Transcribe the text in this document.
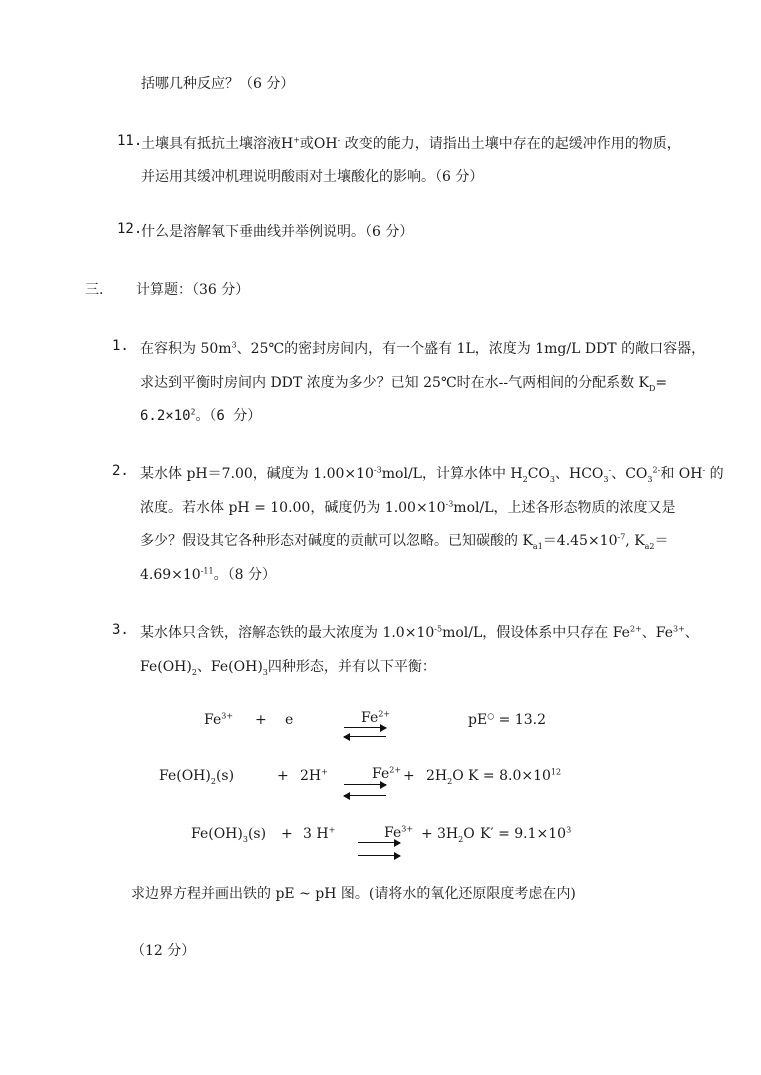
括哪几种反应？（6 分）
11.
土壤具有抵抗土壤溶液H+或OH- 改变的能力，请指出土壤中存在的起缓冲作用的物质，
并运用其缓冲机理说明酸雨对土壤酸化的影响。（6 分）
12.
什么是溶解氧下垂曲线并举例说明。（6 分）
三. 计算题：（36 分）
1. 在容积为 $50m^3$、25℃的密封房间内，有一个盛有 1L，浓度为 1mg/L DDT 的敞口容器，
求达到平衡时房间内 DDT 浓度为多少？已知 25℃时在水--气两相间的分配系数 $K_D=$
$6.2\times 10^2$。（6 分）
2. 某水体 pH＝7.00，碱度为 $1.00\times 10^{-3}mol/L$，计算水体中 $H_2CO_3$、$HCO_3^-$、$CO_3^{2-}$和 OH- 的
浓度。若水体 pH = 10.00，碱度仍为 $1.00\times 10^{-3}mol/L$，上述各形态物质的浓度又是
多少？假设其它各种形态对碱度的贡献可以忽略。已知碳酸的 $K_{a1}=4.45\times 10^{-7}$, $K_{a2}=$
$4.69\times 10^{-11}$。（8 分）
3. 某水体只含铁，溶解态铁的最大浓度为 $1.0\times 10^{-5}mol/L$，假设体系中只存在 $Fe^{2+}$、$Fe^{3+}$、
$Fe(OH)_2$、$Fe(OH)_3$四种形态，并有以下平衡：
$Fe^{3+} + e$	$Fe^{2+}$	pE○ = 13.2
$Fe(OH)_2(s)$	+ 2H+	$Fe^{2+} + 2H_2O$ $K = 8.0\times 10^{12}$
$Fe(OH)_3(s) + 3$ H+	$Fe^{3+} + 3H_2O$ $K' = 9.1\times 10^3$
求边界方程并画出铁的 pE ~ pH 图。(请将水的氧化还原限度考虑在内)
（12 分）
